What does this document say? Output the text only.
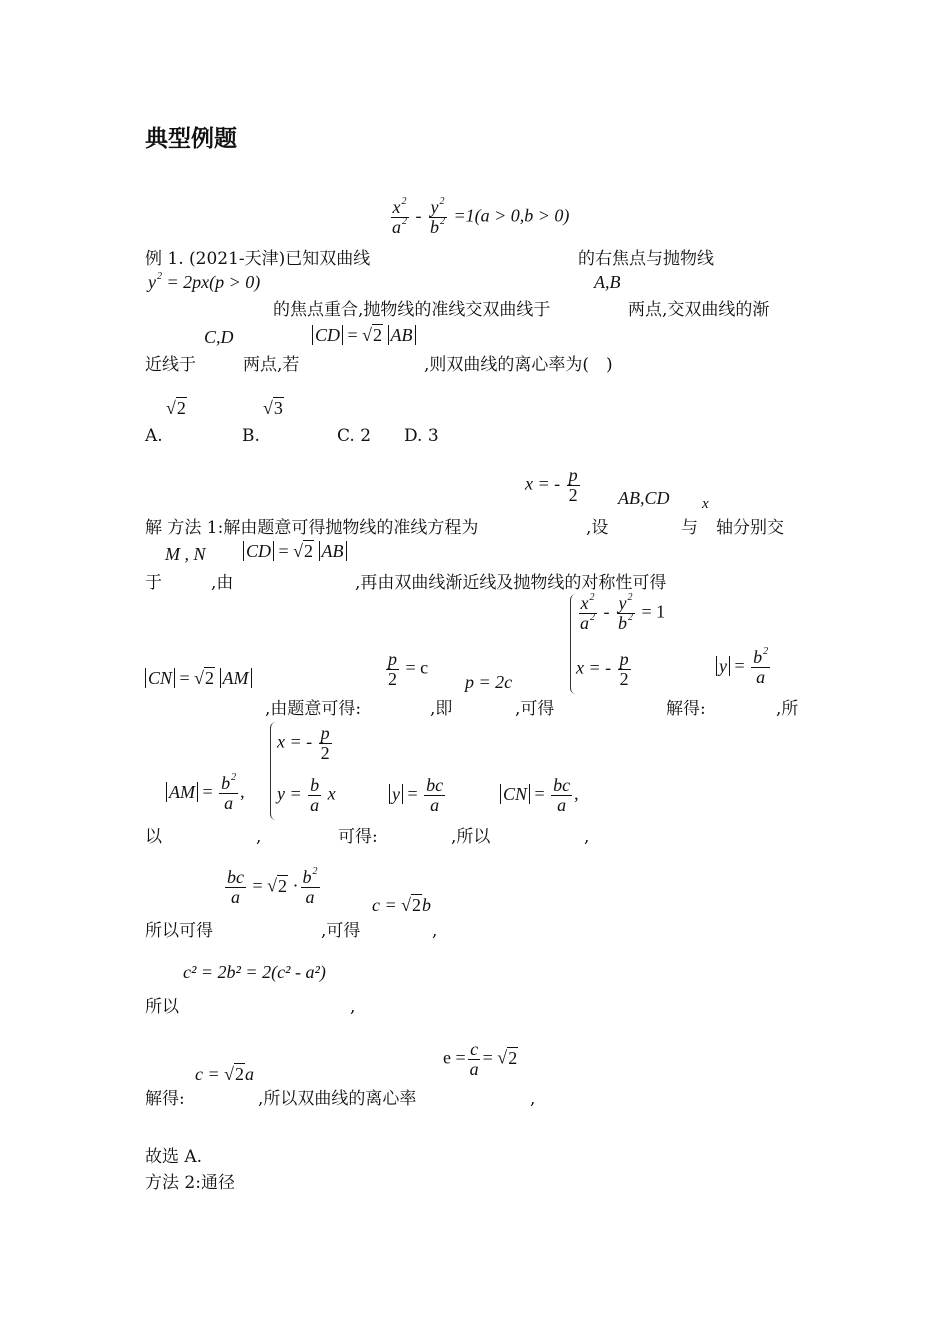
典型例题
$\frac{x^2}{a^2} - \frac{y^2}{b^2} =1(a > 0,b > 0)$
例 1. (2021-天津)已知双曲线	的右焦点与抛物线
$y^2 = 2px(p > 0)$	A,B
的焦点重合,抛物线的准线交双曲线于	两点,交双曲线的渐
C,D	CD = √2 AB
近线于	两点,若	,则双曲线的离心率为(　)
√2	√3
A.	B.	C. 2 D. 3
x = - $\frac{p}{2} AB,CD$ x
解 方法 1:解由题意可得抛物线的准线方程为	,设	与 轴分别交
M , N CD = √2 AB
于	,由	,再由双曲线渐近线及抛物线的对称性可得
$\frac{x^2}{a^2} - \frac{y^2}{b^2} = 1$
x = - $\frac{p}{2}$
CN = √2 AM	$\frac{p}{2} = c$
p = 2c
$y = \frac{b^2}{a}$
,由题意可得:	,即	,可得	解得:	,所
x = - $\frac{p}{2}$
$y = \frac{b}{a}$ x
AM = $\frac{b^2}{a}$ ,	$y = \frac{bc}{a}$	CN = $\frac{bc}{a}$ ,
以	,	可得:	,所以	,
$\frac{bc}{a} = √2 \cdot \frac{b^2}{a}$	c = √2b
所以可得	,可得	,
c² = 2b² = 2(c² - a²)
所以	,
$e = \frac{c}{a} = √2$
c = √2a
解得:	,所以双曲线的离心率	,
故选 A.
方法 2:通径
